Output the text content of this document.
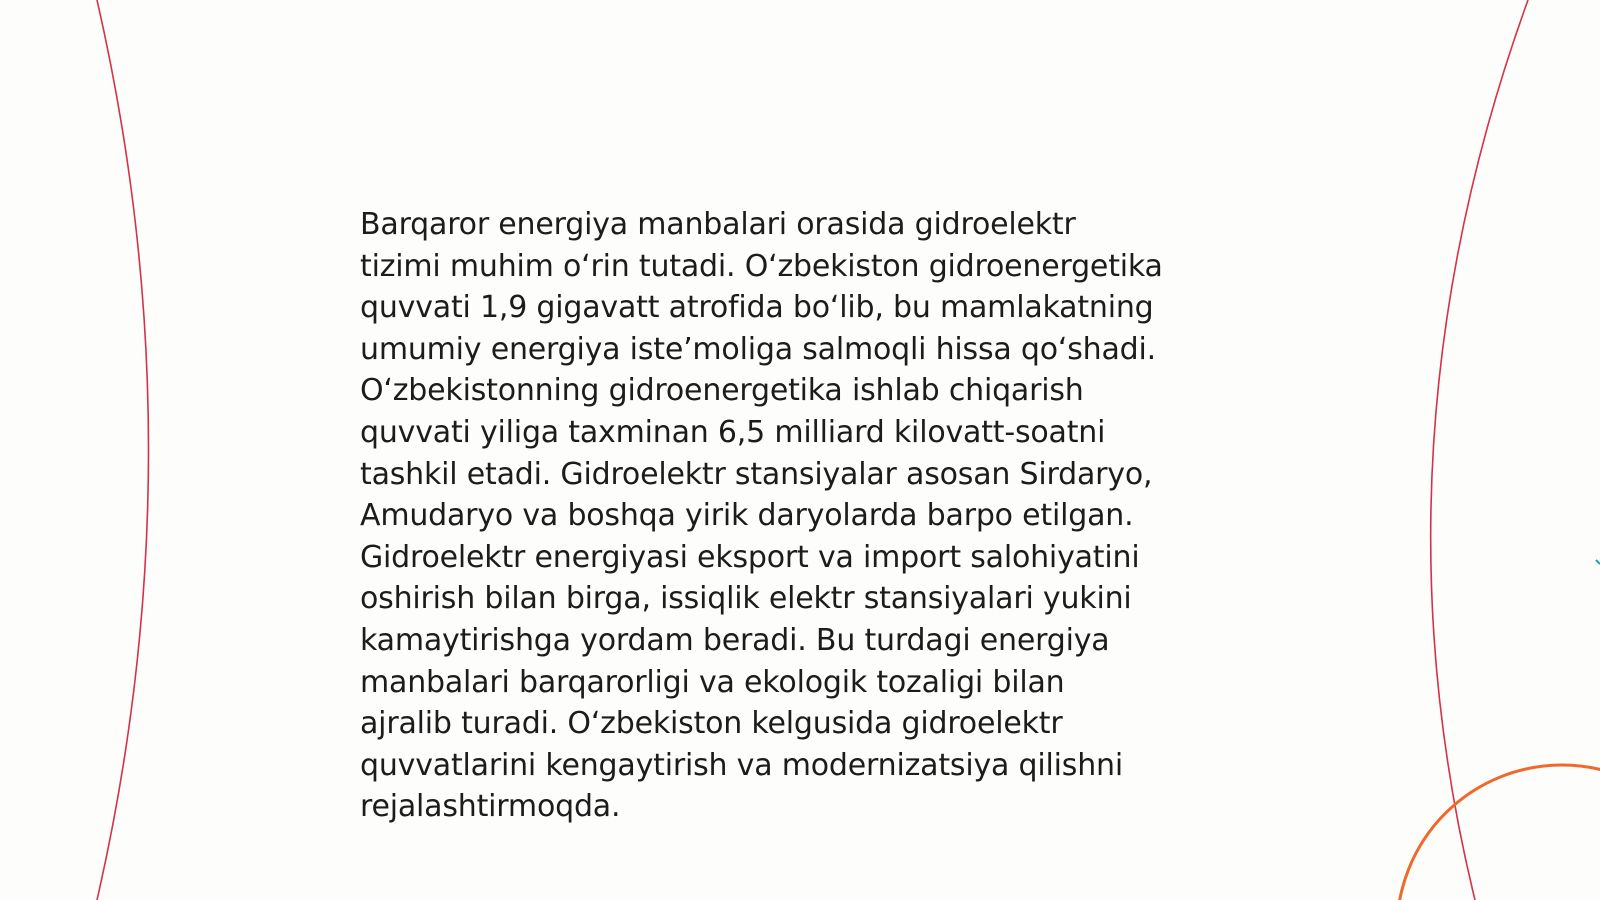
Barqaror energiya manbalari orasida gidroelektr
tizimi muhim oʻrin tutadi. Oʻzbekiston gidroenergetika
quvvati 1,9 gigavatt atrofida boʻlib, bu mamlakatning
umumiy energiya isteʼmoliga salmoqli hissa qoʻshadi.
Oʻzbekistonning gidroenergetika ishlab chiqarish
quvvati yiliga taxminan 6,5 milliard kilovatt-soatni
tashkil etadi. Gidroelektr stansiyalar asosan Sirdaryo,
Amudaryo va boshqa yirik daryolarda barpo etilgan.
Gidroelektr energiyasi eksport va import salohiyatini
oshirish bilan birga, issiqlik elektr stansiyalari yukini
kamaytirishga yordam beradi. Bu turdagi energiya
manbalari barqarorligi va ekologik tozaligi bilan
ajralib turadi. Oʻzbekiston kelgusida gidroelektr
quvvatlarini kengaytirish va modernizatsiya qilishni
rejalashtirmoqda.
